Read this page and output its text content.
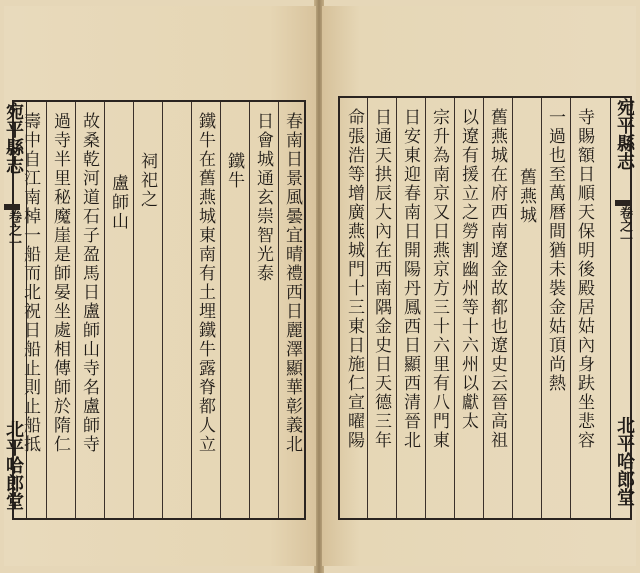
春南日景風曇宜晴禮西日麗澤顯華彰義北
日會城通玄崇智光泰
鐵牛
鐵牛在舊燕城東南有土埋鐵牛露脊都人立
祠祀之
盧師山
故桑乾河道石子盈馬日盧師山寺名盧師寺
過寺半里秘魔崖是師晏坐處相傳師於隋仁
壽中自江南棹一船而北祝日船止則止船抵
宛平縣志
卷之一
北平哈郎堂
寺賜額日順天保明後殿居姑內身趺坐悲容
一過也至萬曆間猶未裝金姑頂尚熱
舊燕城
舊燕城在府西南遼金故都也遼史云晉高祖
以遼有援立之勞割幽州等十六州以獻太
宗升為南京又日燕京方三十六里有八門東
日安東迎春南日開陽丹鳳西日顯西清晉北
日通天拱辰大內在西南隅金史日天德三年
命張浩等增廣燕城門十三東日施仁宣曜陽	宛平縣志
卷之一
北平哈郎堂
